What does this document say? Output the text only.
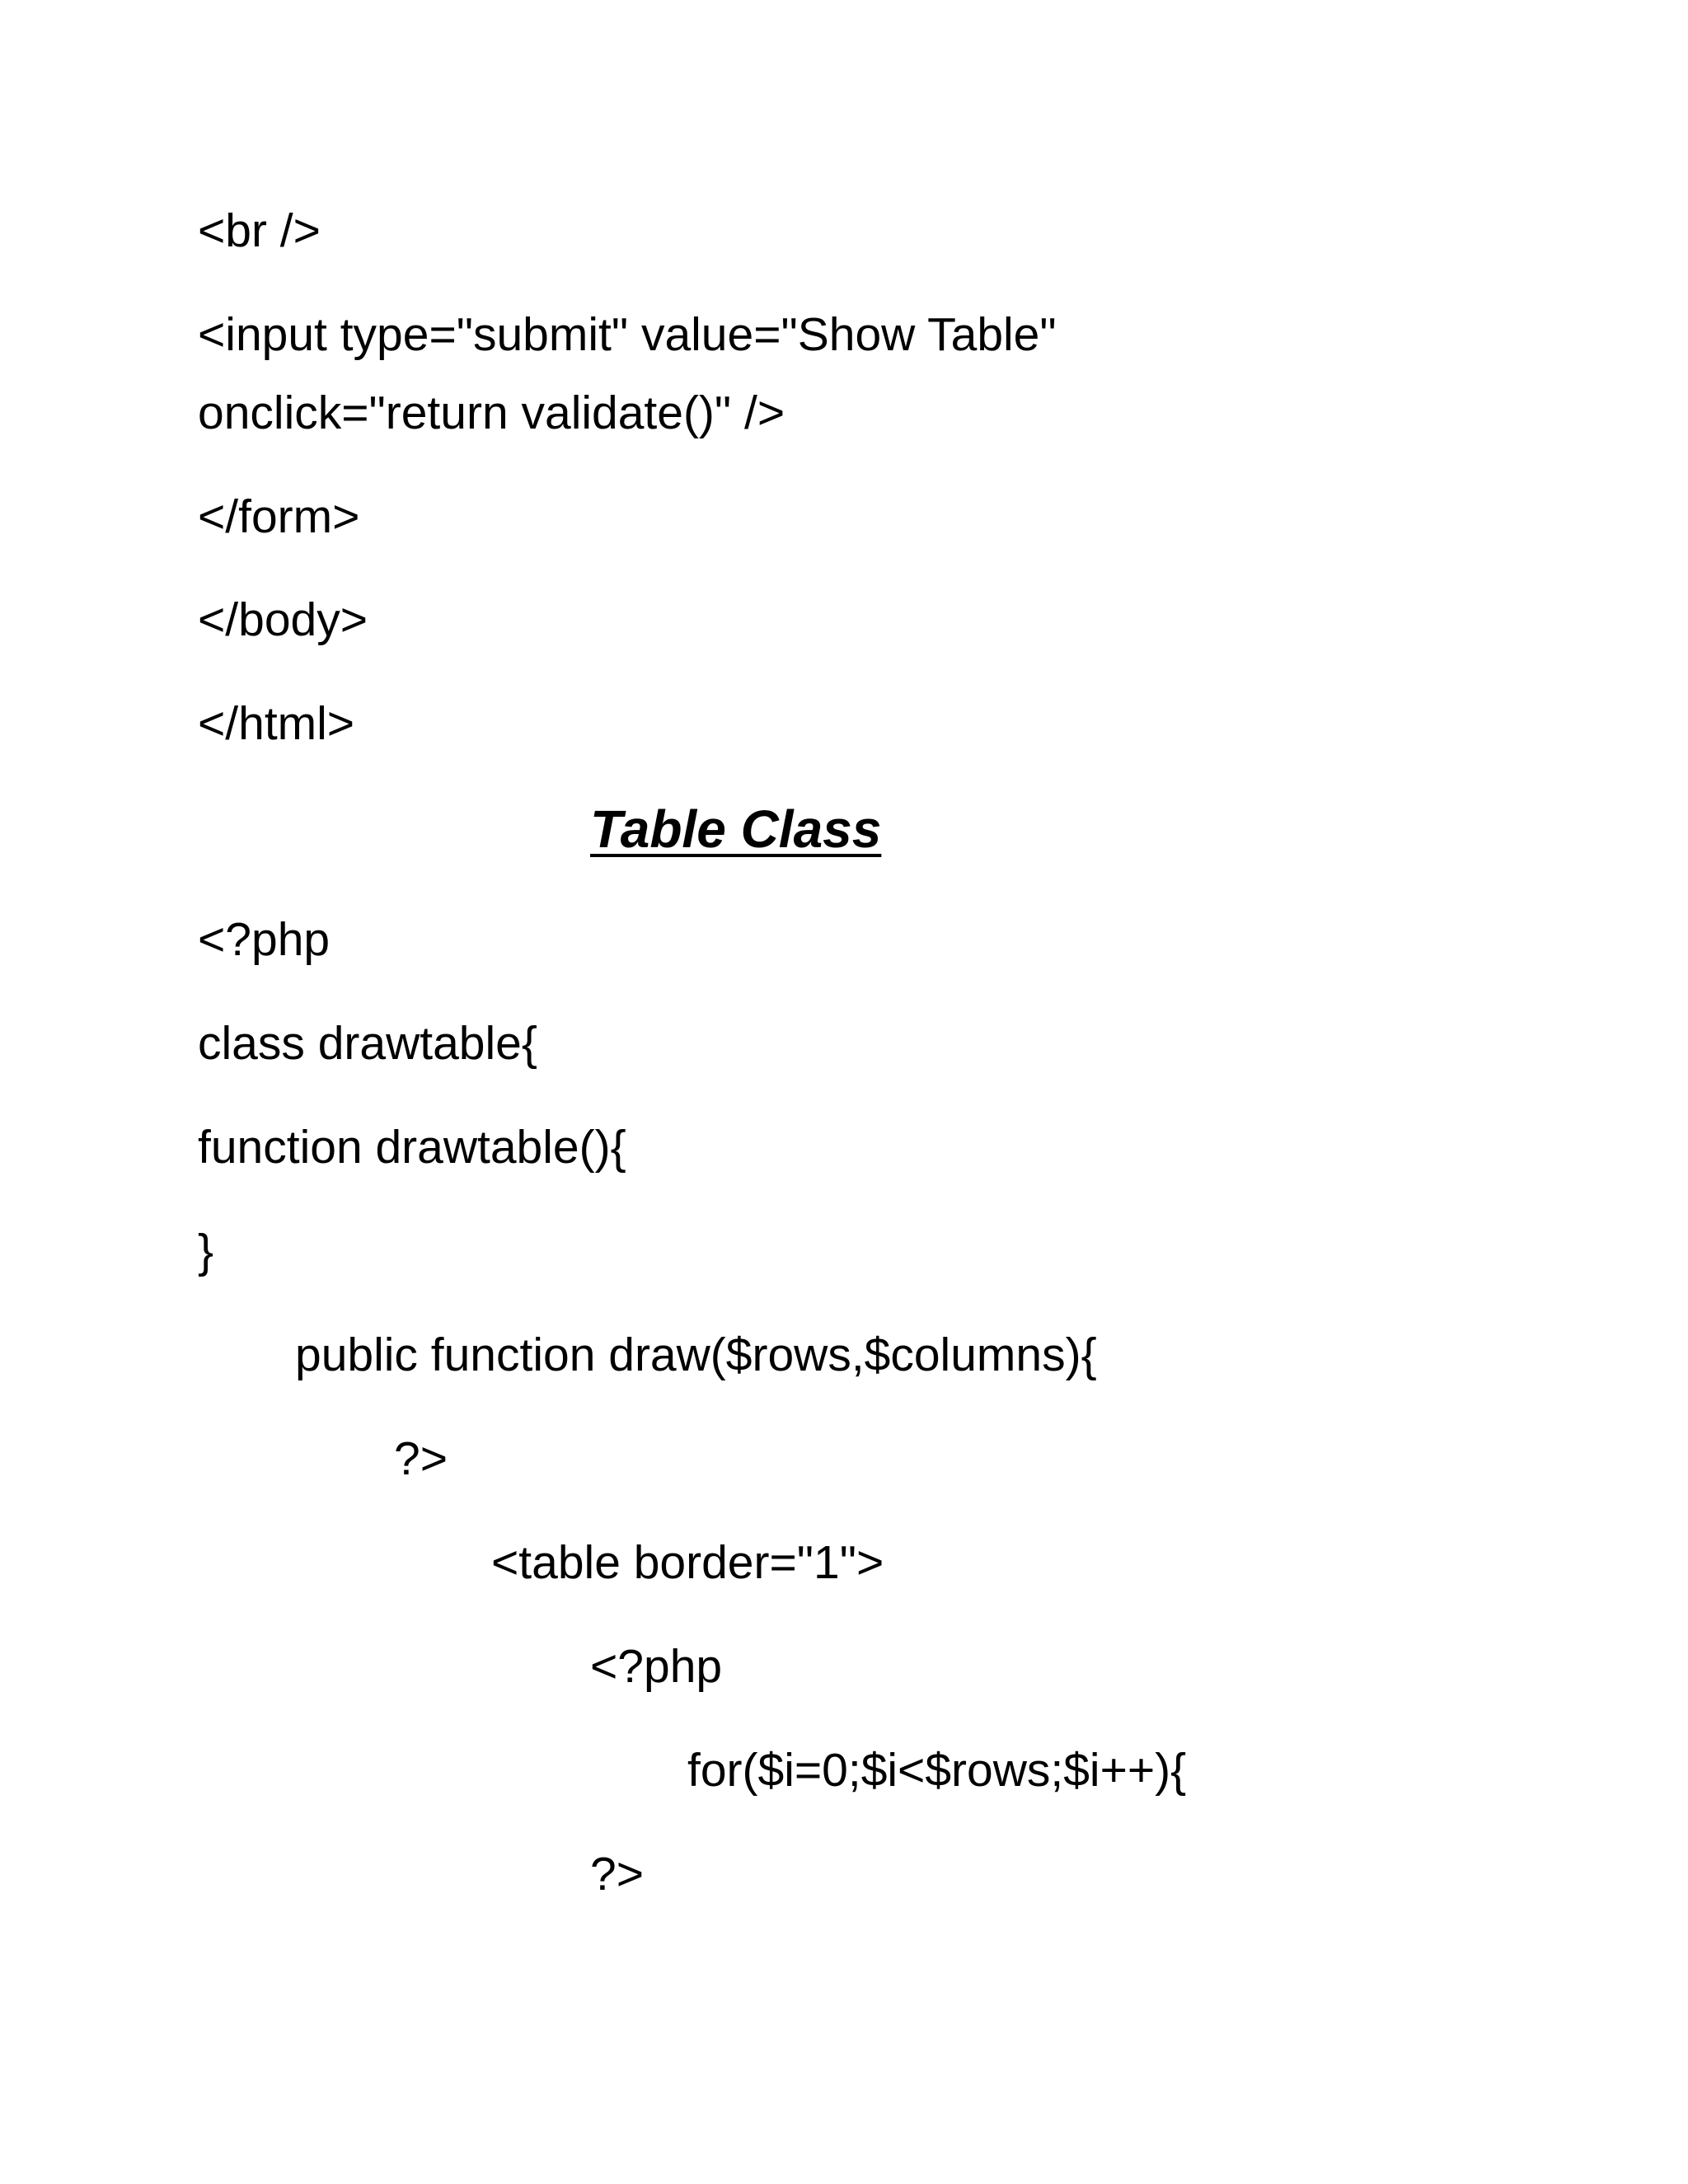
<br />
<input type="submit" value="Show Table"
onclick="return validate()" />
</form>
</body>
</html>
Table Class
<?php
class drawtable{
function drawtable(){
}
public function draw($rows,$columns){
?>
<table border="1">
<?php
for($i=0;$i<$rows;$i++){
?>
